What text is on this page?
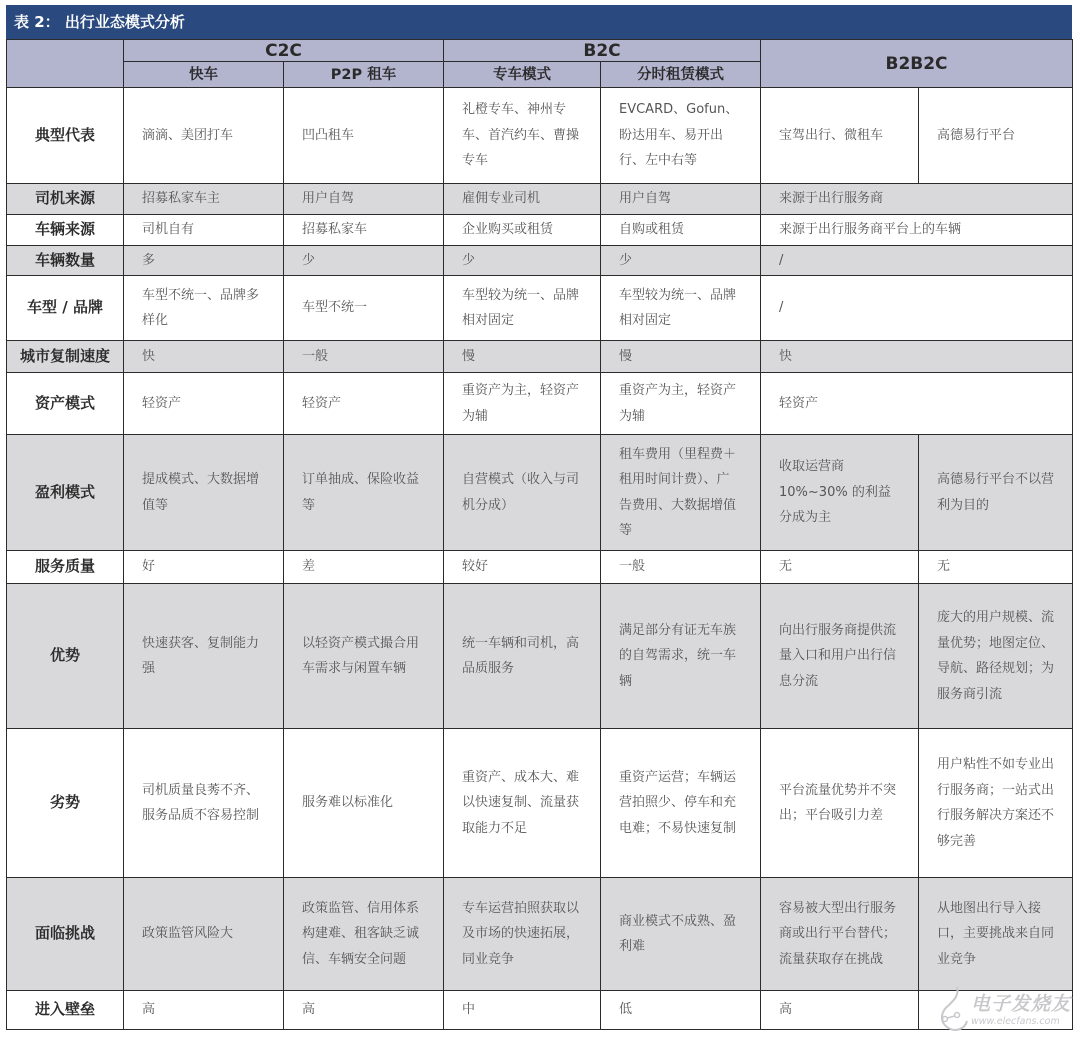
表 2： 出行业态模式分析
	C2C		B2C		B2B2C	
	快车	P2P 租车	专车模式	分时租赁模式		
典型代表	滴滴、美团打车	凹凸租车	礼橙专车、神州专车、首汽约车、曹操专车	EVCARD、Gofun、盼达用车、易开出行、左中右等	宝驾出行、微租车	高德易行平台
司机来源	招募私家车主	用户自驾	雇佣专业司机	用户自驾	来源于出行服务商	
车辆来源	司机自有	招募私家车	企业购买或租赁	自购或租赁	来源于出行服务商平台上的车辆	
车辆数量	多	少	少	少	/	
车型 / 品牌	车型不统一、品牌多样化	车型不统一	车型较为统一、品牌相对固定	车型较为统一、品牌相对固定	/	
城市复制速度	快	一般	慢	慢	快	
资产模式	轻资产	轻资产	重资产为主，轻资产为辅	重资产为主，轻资产为辅	轻资产	
盈利模式	提成模式、大数据增值等	订单抽成、保险收益等	自营模式（收入与司机分成）	租车费用（里程费＋租用时间计费）、广告费用、大数据增值等	收取运营商 10%~30% 的利益分成为主	高德易行平台不以营利为目的
服务质量	好	差	较好	一般	无	无
优势	快速获客、复制能力强	以轻资产模式撮合用车需求与闲置车辆	统一车辆和司机，高品质服务	满足部分有证无车族的自驾需求，统一车辆	向出行服务商提供流量入口和用户出行信息分流	庞大的用户规模、流量优势；地图定位、导航、路径规划；为服务商引流
劣势	司机质量良莠不齐、服务品质不容易控制	服务难以标准化	重资产、成本大、难以快速复制、流量获取能力不足	重资产运营；车辆运营拍照少、停车和充电难；不易快速复制	平台流量优势并不突出；平台吸引力差	用户粘性不如专业出行服务商；一站式出行服务解决方案还不够完善
面临挑战	政策监管风险大	政策监管、信用体系构建难、租客缺乏诚信、车辆安全问题	专车运营拍照获取以及市场的快速拓展，同业竞争	商业模式不成熟、盈利难	容易被大型出行服务商或出行平台替代；流量获取存在挑战	从地图出行导入接口，主要挑战来自同业竞争
进入壁垒	高	高	中	低	高		电子发烧友
www.elecfans.com
